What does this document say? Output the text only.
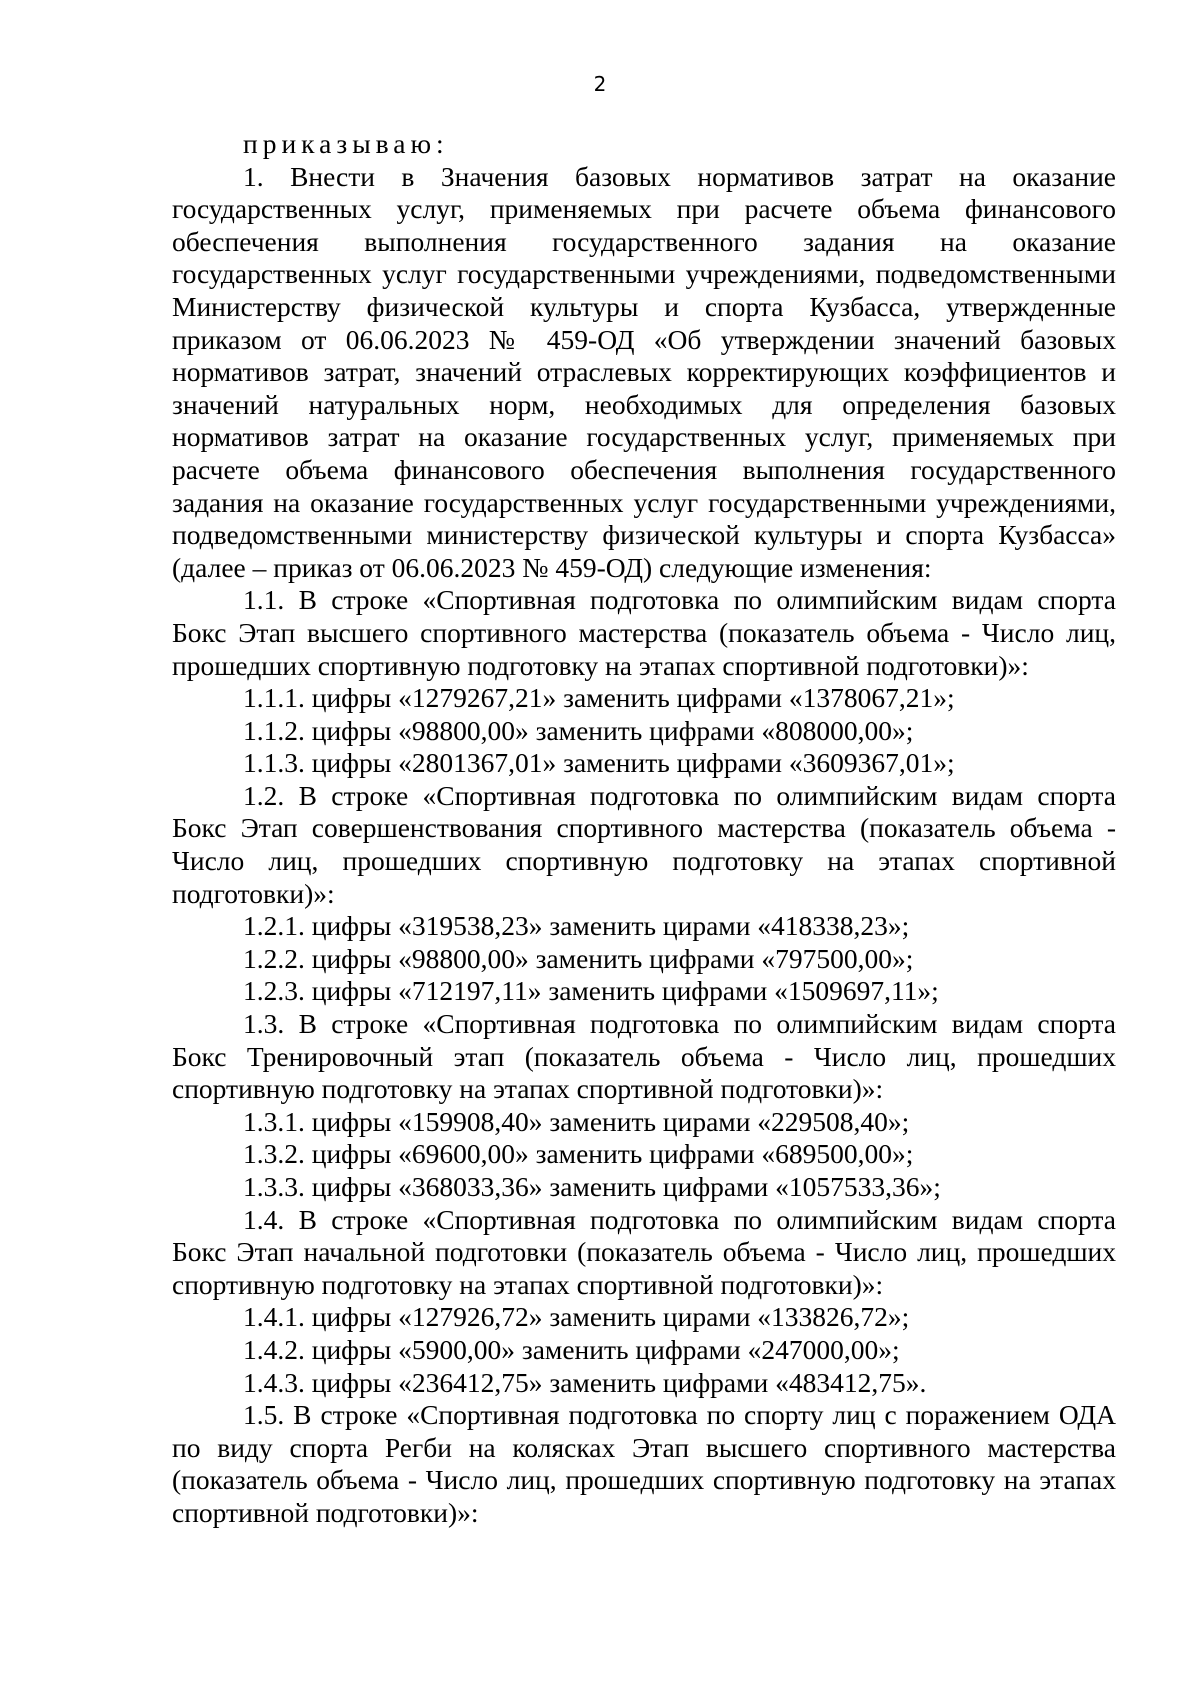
2

приказываю:

1. Внести в Значения базовых нормативов затрат на оказание государственных услуг, применяемых при расчете объема финансового обеспечения выполнения государственного задания на оказание государственных услуг государственными учреждениями, подведомственными Министерству физической культуры и спорта Кузбасса, утвержденные приказом от 06.06.2023 № 459-ОД «Об утверждении значений базовых нормативов затрат, значений отраслевых корректирующих коэффициентов и значений натуральных норм, необходимых для определения базовых нормативов затрат на оказание государственных услуг, применяемых при расчете объема финансового обеспечения выполнения государственного задания на оказание государственных услуг государственными учреждениями, подведомственными министерству физической культуры и спорта Кузбасса» (далее – приказ от 06.06.2023 № 459-ОД) следующие изменения:

1.1. В строке «Спортивная подготовка по олимпийским видам спорта Бокс Этап высшего спортивного мастерства (показатель объема - Число лиц, прошедших спортивную подготовку на этапах спортивной подготовки)»:

1.1.1. цифры «1279267,21» заменить цифрами «1378067,21»;

1.1.2. цифры «98800,00» заменить цифрами «808000,00»;

1.1.3. цифры «2801367,01» заменить цифрами «3609367,01»;

1.2. В строке «Спортивная подготовка по олимпийским видам спорта Бокс Этап совершенствования спортивного мастерства (показатель объема - Число лиц, прошедших спортивную подготовку на этапах спортивной подготовки)»:

1.2.1. цифры «319538,23» заменить цирами «418338,23»;

1.2.2. цифры «98800,00» заменить цифрами «797500,00»;

1.2.3. цифры «712197,11» заменить цифрами «1509697,11»;

1.3. В строке «Спортивная подготовка по олимпийским видам спорта Бокс Тренировочный этап (показатель объема - Число лиц, прошедших спортивную подготовку на этапах спортивной подготовки)»:

1.3.1. цифры «159908,40» заменить цирами «229508,40»;

1.3.2. цифры «69600,00» заменить цифрами «689500,00»;

1.3.3. цифры «368033,36» заменить цифрами «1057533,36»;

1.4. В строке «Спортивная подготовка по олимпийским видам спорта Бокс Этап начальной подготовки (показатель объема - Число лиц, прошедших спортивную подготовку на этапах спортивной подготовки)»:

1.4.1. цифры «127926,72» заменить цирами «133826,72»;

1.4.2. цифры «5900,00» заменить цифрами «247000,00»;

1.4.3. цифры «236412,75» заменить цифрами «483412,75».

1.5. В строке «Спортивная подготовка по спорту лиц с поражением ОДА по виду спорта Регби на колясках Этап высшего спортивного мастерства (показатель объема - Число лиц, прошедших спортивную подготовку на этапах спортивной подготовки)»:
